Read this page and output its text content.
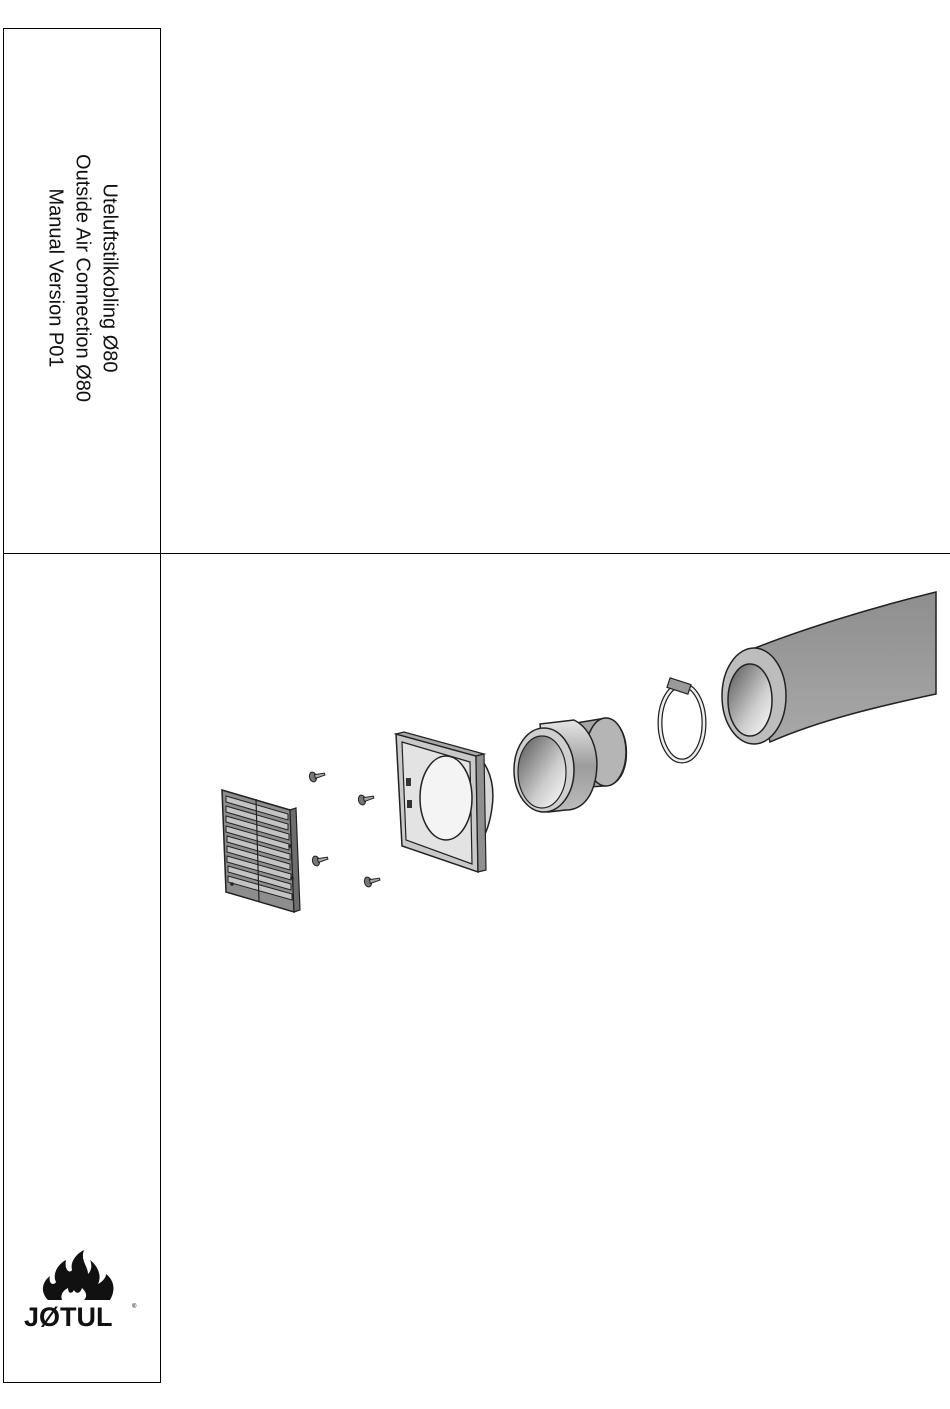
Uteluftstilkobling Ø80
Outside Air Connection Ø80
Manual Version P01
JØTUL	®
